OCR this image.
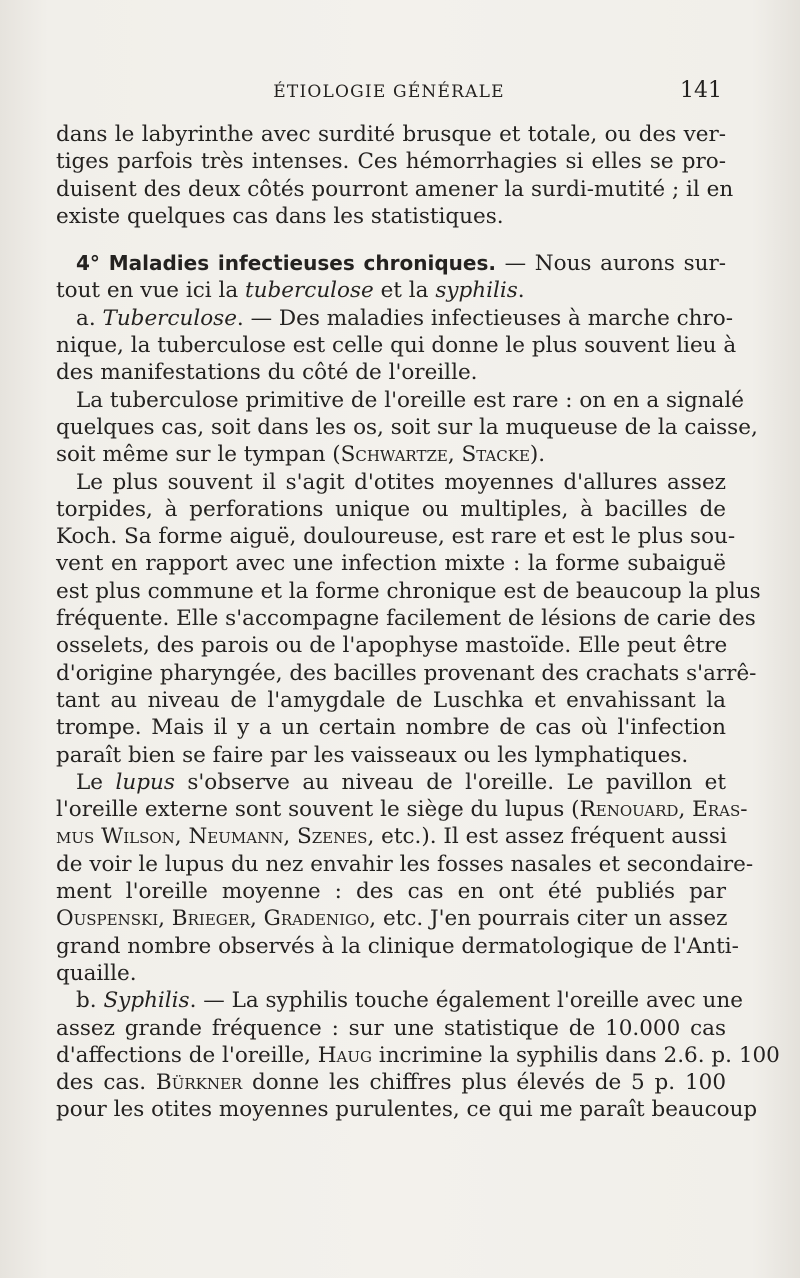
ÉTIOLOGIE GÉNÉRALE	141
dans le labyrinthe avec surdité brusque et totale, ou des ver-
tiges parfois très intenses. Ces hémorrhagies si elles se pro-
duisent des deux côtés pourront amener la surdi-mutité ; il en
existe quelques cas dans les statistiques.
4° Maladies infectieuses chroniques. — Nous aurons sur-
tout en vue ici la tuberculose et la syphilis.
a. Tuberculose. — Des maladies infectieuses à marche chro-
nique, la tuberculose est celle qui donne le plus souvent lieu à
des manifestations du côté de l'oreille.
La tuberculose primitive de l'oreille est rare : on en a signalé
quelques cas, soit dans les os, soit sur la muqueuse de la caisse,
soit même sur le tympan (Schwartze, Stacke).
Le plus souvent il s'agit d'otites moyennes d'allures assez
torpides, à perforations unique ou multiples, à bacilles de
Koch. Sa forme aiguë, douloureuse, est rare et est le plus sou-
vent en rapport avec une infection mixte : la forme subaiguë
est plus commune et la forme chronique est de beaucoup la plus
fréquente. Elle s'accompagne facilement de lésions de carie des
osselets, des parois ou de l'apophyse mastoïde. Elle peut être
d'origine pharyngée, des bacilles provenant des crachats s'arrê-
tant au niveau de l'amygdale de Luschka et envahissant la
trompe. Mais il y a un certain nombre de cas où l'infection
paraît bien se faire par les vaisseaux ou les lymphatiques.
Le lupus s'observe au niveau de l'oreille. Le pavillon et
l'oreille externe sont souvent le siège du lupus (Renouard, Eras-
mus Wilson, Neumann, Szenes, etc.). Il est assez fréquent aussi
de voir le lupus du nez envahir les fosses nasales et secondaire-
ment l'oreille moyenne : des cas en ont été publiés par
Ouspenski, Brieger, Gradenigo, etc. J'en pourrais citer un assez
grand nombre observés à la clinique dermatologique de l'Anti-
quaille.
b. Syphilis. — La syphilis touche également l'oreille avec une
assez grande fréquence : sur une statistique de 10.000 cas
d'affections de l'oreille, Haug incrimine la syphilis dans 2.6. p. 100
des cas. Bürkner donne les chiffres plus élevés de 5 p. 100
pour les otites moyennes purulentes, ce qui me paraît beaucoup
